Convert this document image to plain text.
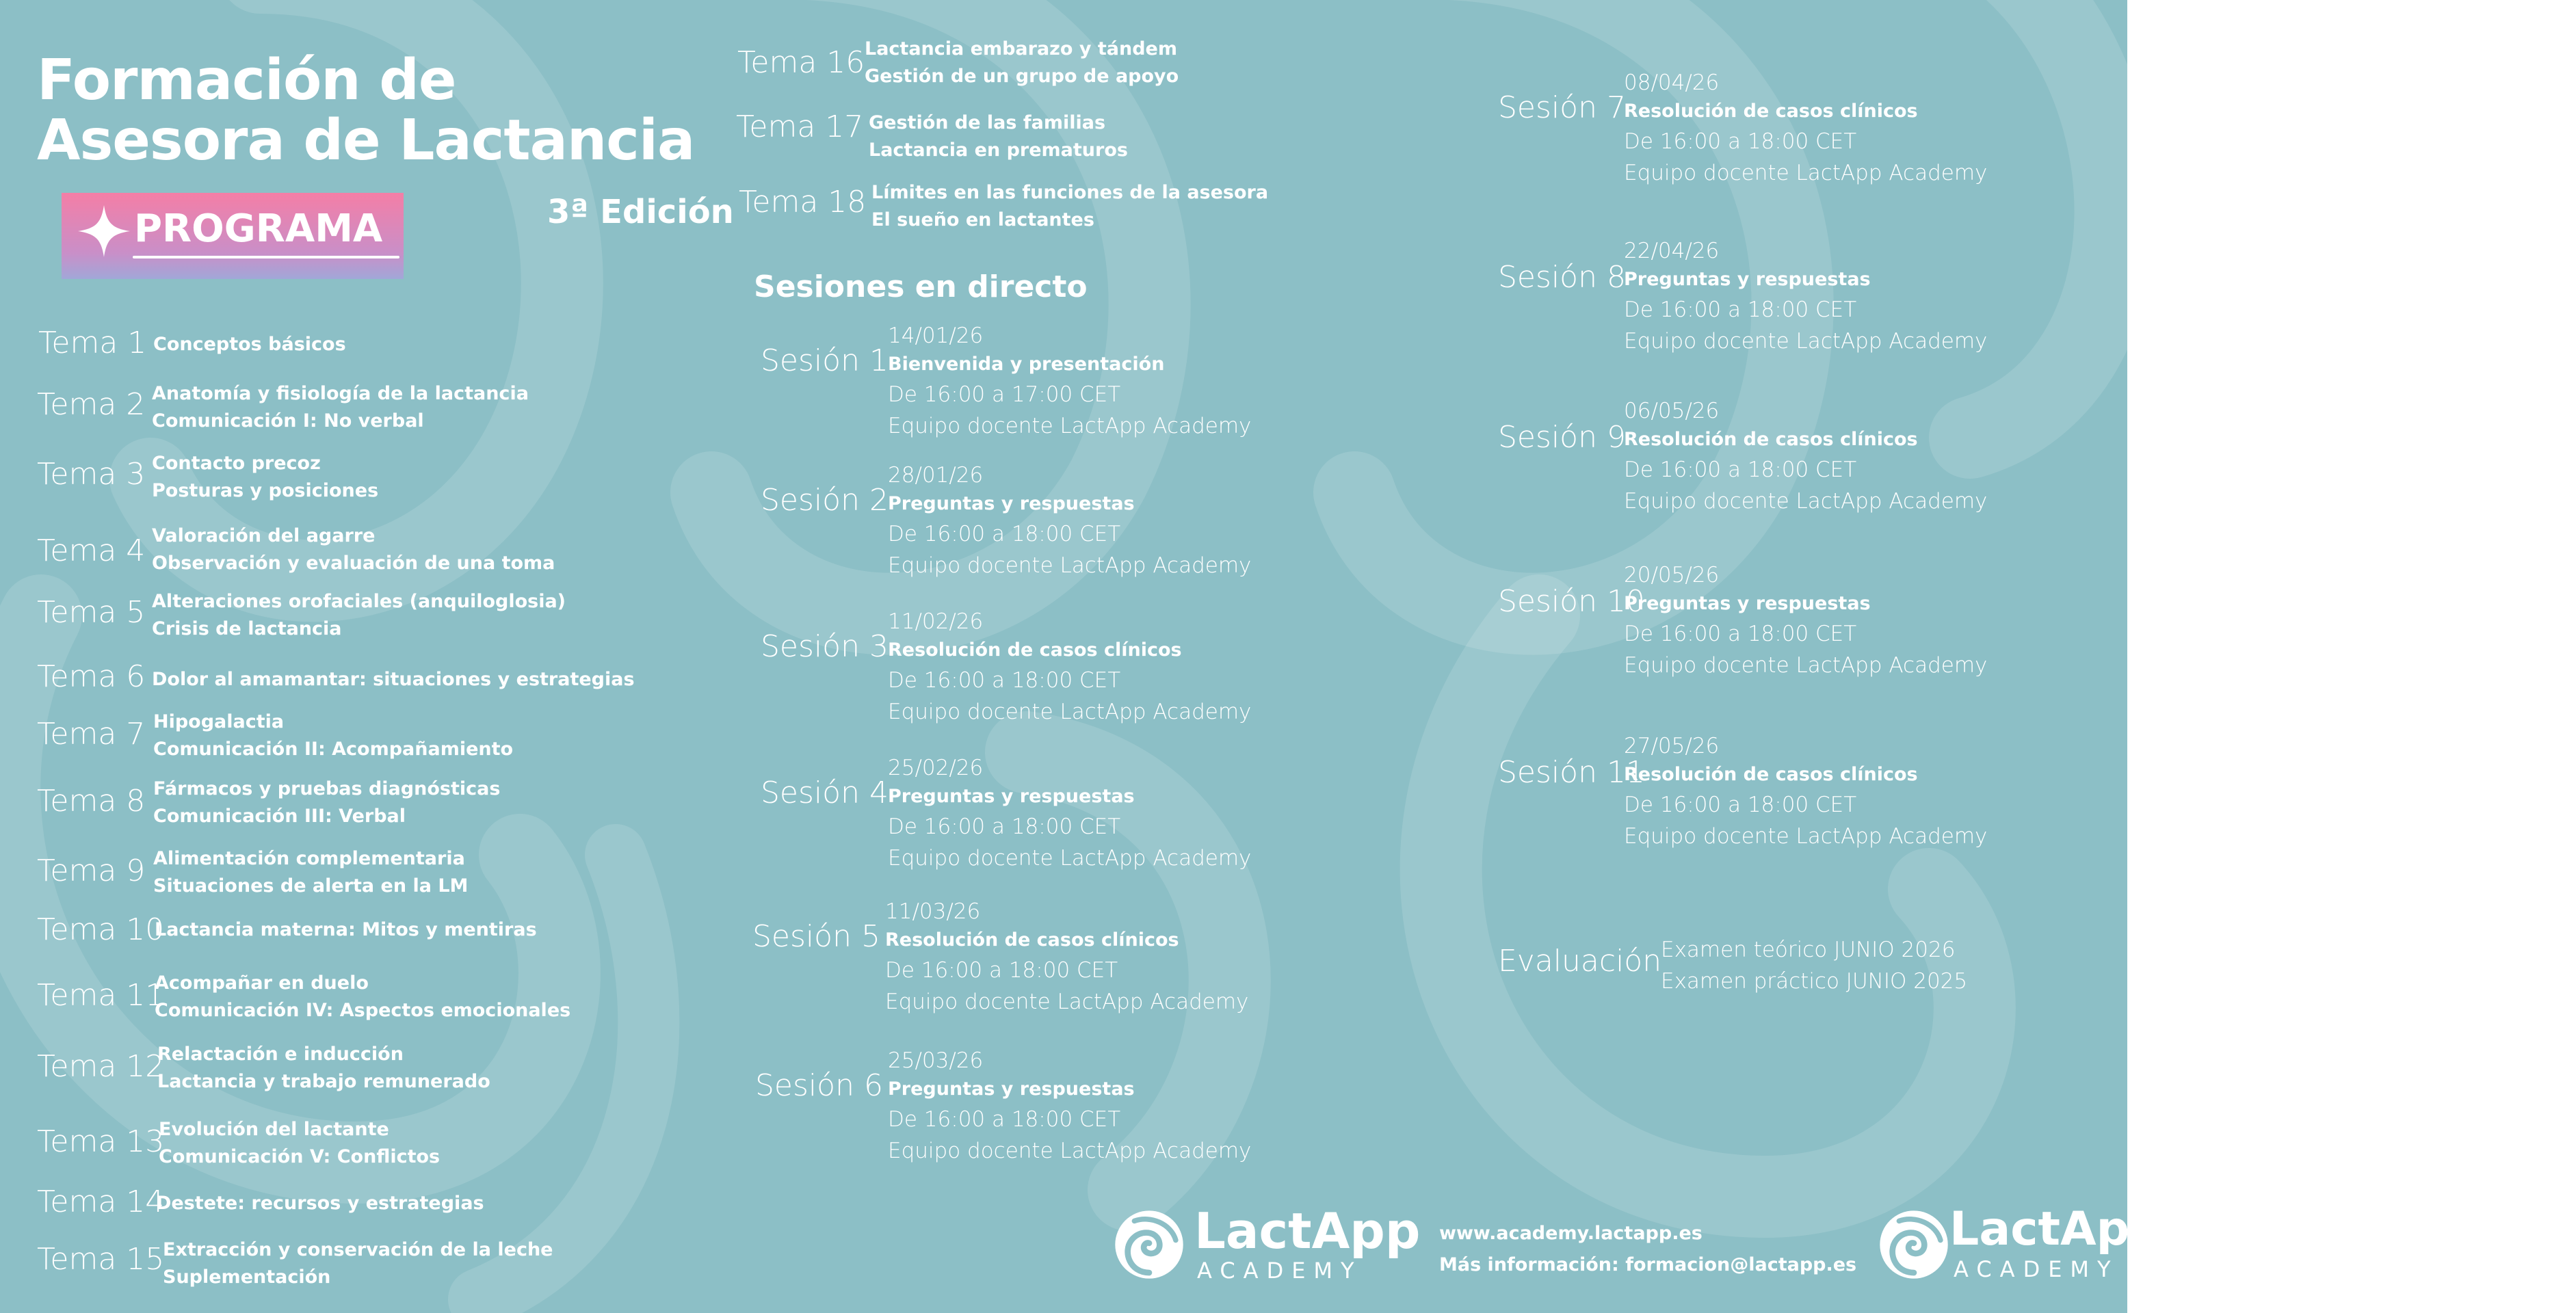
Formación de
Asesora de Lactancia
PROGRAMA	3ª Edición
Tema 1 Conceptos básicos
Tema 2 Anatomía y fisiología de la lactancia
Comunicación I: No verbal
Tema 3 Contacto precoz
Posturas y posiciones
Tema 4 Valoración del agarre
Observación y evaluación de una toma
Tema 5 Alteraciones orofaciales (anquiloglosia)
Crisis de lactancia
Tema 6 Dolor al amamantar: situaciones y estrategias
Tema 7 Hipogalactia
Comunicación II: Acompañamiento
Tema 8 Fármacos y pruebas diagnósticas
Comunicación III: Verbal
Tema 9 Alimentación complementaria
Situaciones de alerta en la LM
Tema 10
Lactancia materna: Mitos y mentiras
Tema 11
Acompañar en duelo
Comunicación IV: Aspectos emocionales
Tema 12
Relactación e inducción
Lactancia y trabajo remunerado
Tema 13
Evolución del lactante
Comunicación V: Conflictos
Tema 14
Destete: recursos y estrategias
Tema 15
Extracción y conservación de la leche
Suplementación
Tema 16 Lactancia embarazo y tándem
Gestión de un grupo de apoyo
Tema 17 Gestión de las familias
Lactancia en prematuros
Tema 18 Límites en las funciones de la asesora
El sueño en lactantes
Sesiones en directo
Sesión 1
14/01/26
Bienvenida y presentación
De 16:00 a 17:00 CET
Equipo docente LactApp Academy
Sesión 2
28/01/26
Preguntas y respuestas
De 16:00 a 18:00 CET
Equipo docente LactApp Academy
Sesión 3
11/02/26
Resolución de casos clínicos
De 16:00 a 18:00 CET
Equipo docente LactApp Academy
Sesión 4
25/02/26
Preguntas y respuestas
De 16:00 a 18:00 CET
Equipo docente LactApp Academy
Sesión 5
11/03/26
Resolución de casos clínicos
De 16:00 a 18:00 CET
Equipo docente LactApp Academy
Sesión 6
25/03/26
Preguntas y respuestas
De 16:00 a 18:00 CET
Equipo docente LactApp Academy
Sesión 7
08/04/26
Resolución de casos clínicos
De 16:00 a 18:00 CET
Equipo docente LactApp Academy
Sesión 8
22/04/26
Preguntas y respuestas
De 16:00 a 18:00 CET
Equipo docente LactApp Academy
Sesión 9
06/05/26
Resolución de casos clínicos
De 16:00 a 18:00 CET
Equipo docente LactApp Academy
Sesión 10
20/05/26
Preguntas y respuestas
De 16:00 a 18:00 CET
Equipo docente LactApp Academy
Sesión 11
27/05/26
Resolución de casos clínicos
De 16:00 a 18:00 CET
Equipo docente LactApp Academy
Evaluación
Examen teórico JUNIO 2026
Examen práctico JUNIO 2025
LactApp
ACADEMY
www.academy.lactapp.es
Más información: formacion@lactapp.es
LactApp
ACADEMY
